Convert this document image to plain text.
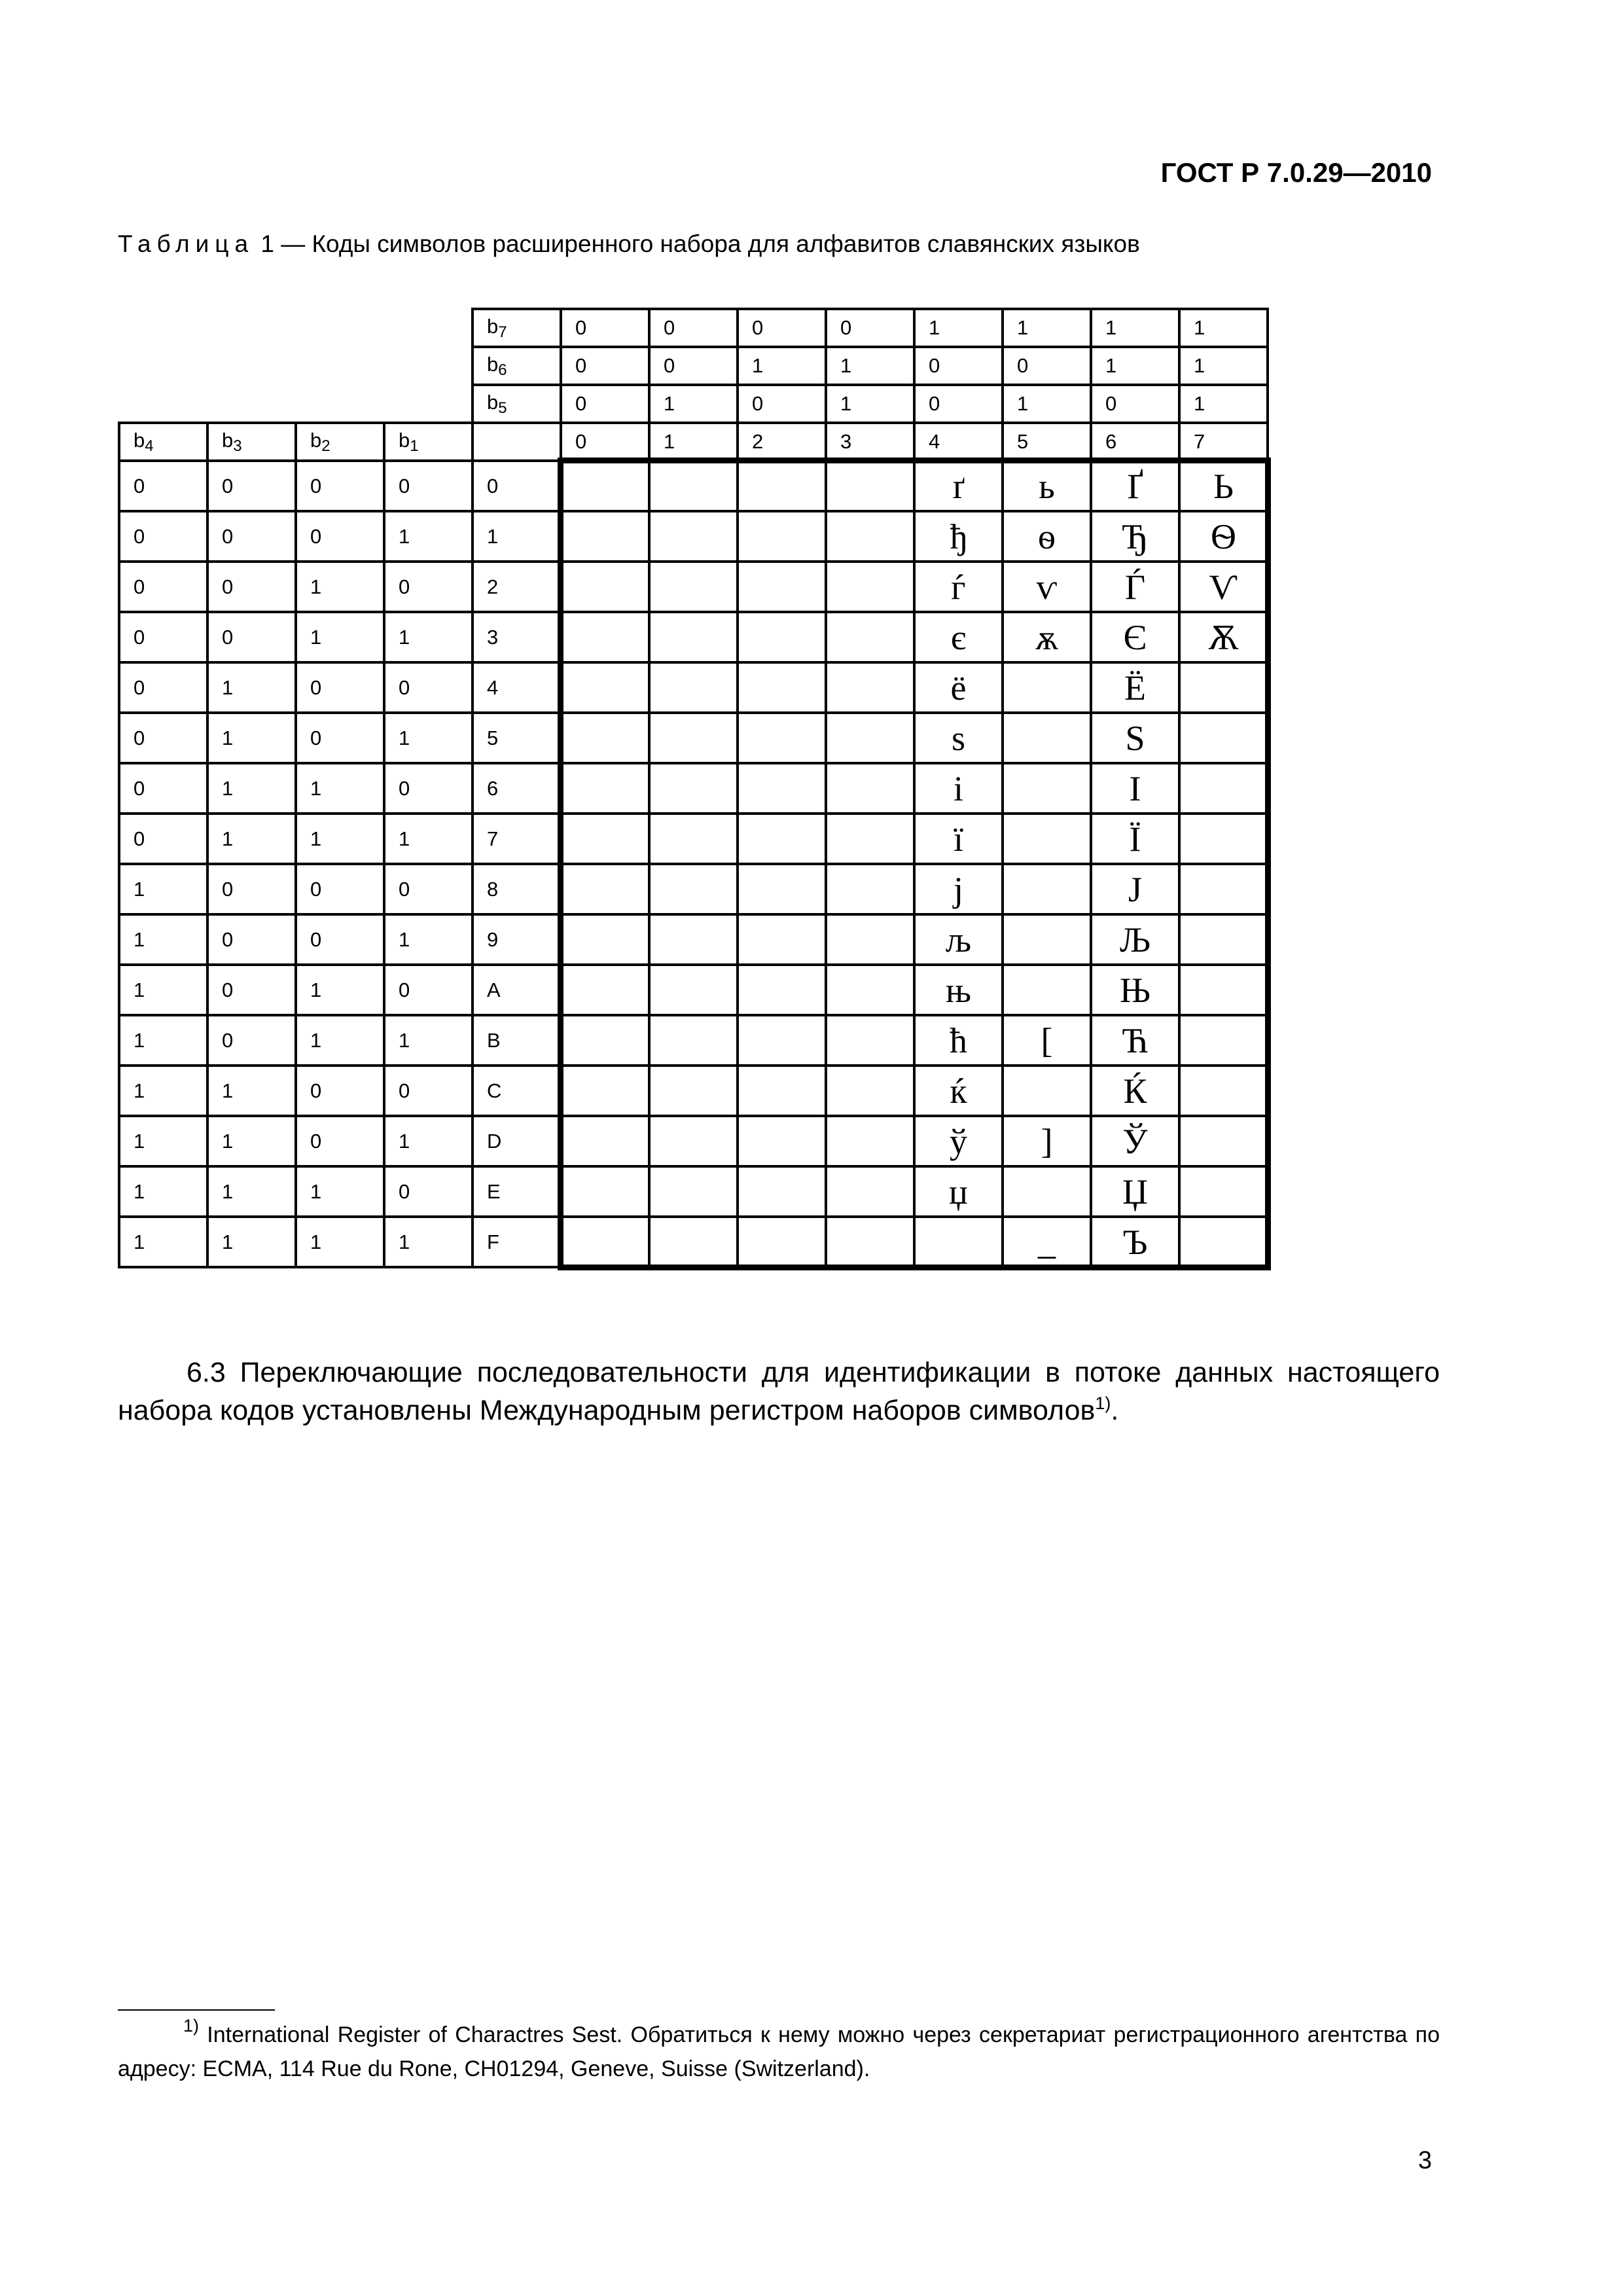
ГОСТ Р 7.0.29—2010
Таблица 1 — Коды символов расширенного набора для алфавитов славянских языков
				$b_7$	0	0	0	0	1	1	1	1
				$b_6$	0	0	1	1	0	0	1	1
				$b_5$	0	1	0	1	0	1	0	1
$b_4$	$b_3$	$b_2$	$b_1$		0	1	2	3	4	5	6	7
0	0	0	0	0					ґ	ь	Ґ	Ь
0	0	0	1	1					ђ	ѳ	Ђ	Ѳ
0	0	1	0	2					ѓ	ѵ	Ѓ	Ѵ
0	0	1	1	3					є	ѫ	Є	Ѫ
0	1	0	0	4					ё		Ё	
0	1	0	1	5					ѕ		Ѕ	
0	1	1	0	6					і		І	
0	1	1	1	7					ї		Ї	
1	0	0	0	8					ј		Ј	
1	0	0	1	9					љ		Љ	
1	0	1	0	A					њ		Њ	
1	0	1	1	B					ћ	[	Ћ	
1	1	0	0	C					ќ		Ќ	
1	1	0	1	D					ў	]	Ў	
1	1	1	0	E					џ		Џ	
1	1	1	1	F						_	Ъ	

6.3 Переключающие последовательности для идентификации в потоке данных настоящего набора кодов установлены Международным регистром наборов символов$^{1)}$.

$^{1)}$ International Register of Charactres Sest. Обратиться к нему можно через секретариат регистрационного агентства по адресу: ECMA, 114 Rue du Rone, CH01294, Geneve, Suisse (Switzerland).

3
